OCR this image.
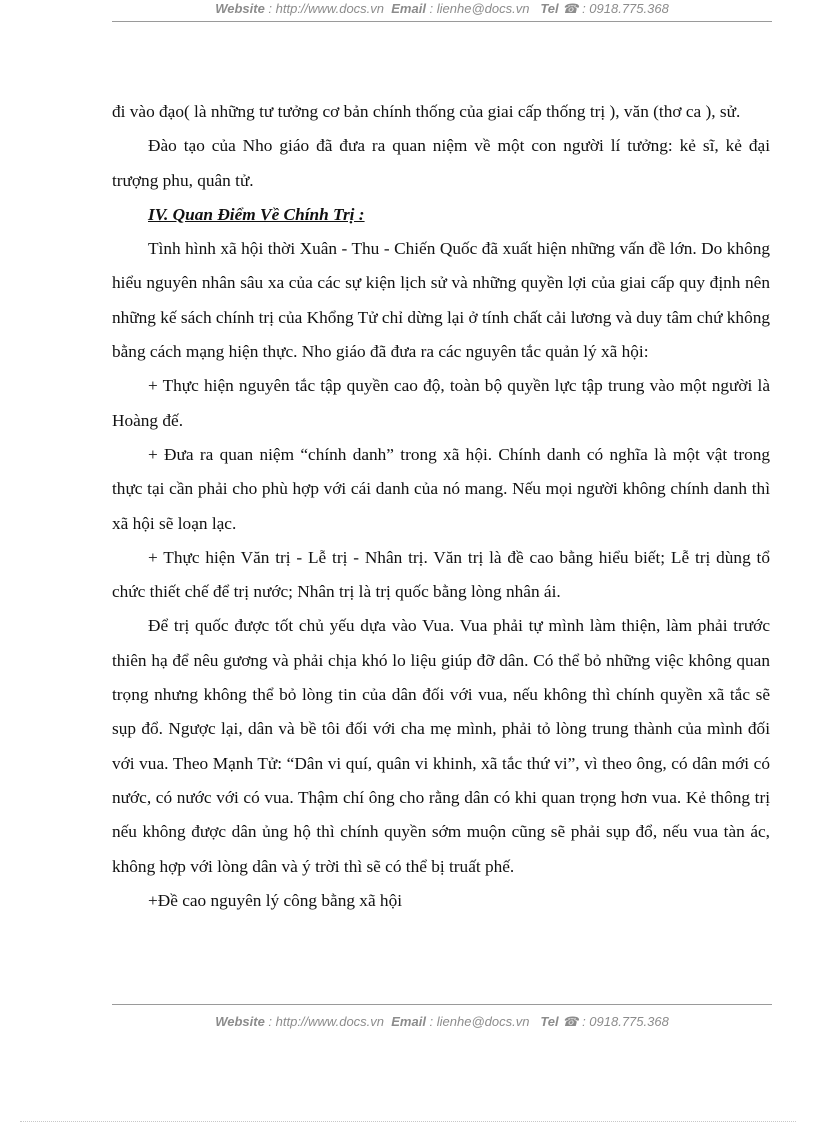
Website : http://www.docs.vn Email : lienhe@docs.vn Tel ☎ : 0918.775.368

đi vào đạo( là những tư tưởng cơ bản chính thống của giai cấp thống trị ), văn (thơ ca ), sử.

Đào tạo của Nho giáo đã đưa ra quan niệm về một con người lí tưởng: kẻ sĩ, kẻ đại trượng phu, quân tử.

IV. Quan Điểm Về Chính Trị :

Tình hình xã hội thời Xuân - Thu - Chiến Quốc đã xuất hiện những vấn đề lớn. Do không hiểu nguyên nhân sâu xa của các sự kiện lịch sử và những quyền lợi của giai cấp quy định nên những kế sách chính trị của Khổng Tử chỉ dừng lại ở tính chất cải lương và duy tâm chứ không bằng cách mạng hiện thực. Nho giáo đã đưa ra các nguyên tắc quản lý xã hội:

+ Thực hiện nguyên tắc tập quyền cao độ, toàn bộ quyền lực tập trung vào một người là Hoàng đế.

+ Đưa ra quan niệm “chính danh” trong xã hội. Chính danh có nghĩa là một vật trong thực tại cần phải cho phù hợp với cái danh của nó mang. Nếu mọi người không chính danh thì xã hội sẽ loạn lạc.

+ Thực hiện Văn trị - Lễ trị - Nhân trị. Văn trị là đề cao bằng hiểu biết; Lễ trị dùng tổ chức thiết chế để trị nước; Nhân trị là trị quốc bằng lòng nhân ái.

Để trị quốc được tốt chủ yếu dựa vào Vua. Vua phải tự mình làm thiện, làm phải trước thiên hạ để nêu gương và phải chịa khó lo liệu giúp đỡ dân. Có thể bỏ những việc không quan trọng nhưng không thể bỏ lòng tin của dân đối với vua, nếu không thì chính quyền xã tắc sẽ sụp đổ. Ngược lại, dân và bề tôi đối với cha mẹ mình, phải tỏ lòng trung thành của mình đối với vua. Theo Mạnh Tử: “Dân vi quí, quân vi khinh, xã tắc thứ vi”, vì theo ông, có dân mới có nước, có nước với có vua. Thậm chí ông cho rằng dân có khi quan trọng hơn vua. Kẻ thông trị nếu không được dân ủng hộ thì chính quyền sớm muộn cũng sẽ phải sụp đổ, nếu vua tàn ác, không hợp với lòng dân và ý trời thì sẽ có thể bị truất phế.

+Đề cao nguyên lý công bằng xã hội

Website : http://www.docs.vn Email : lienhe@docs.vn Tel ☎ : 0918.775.368
